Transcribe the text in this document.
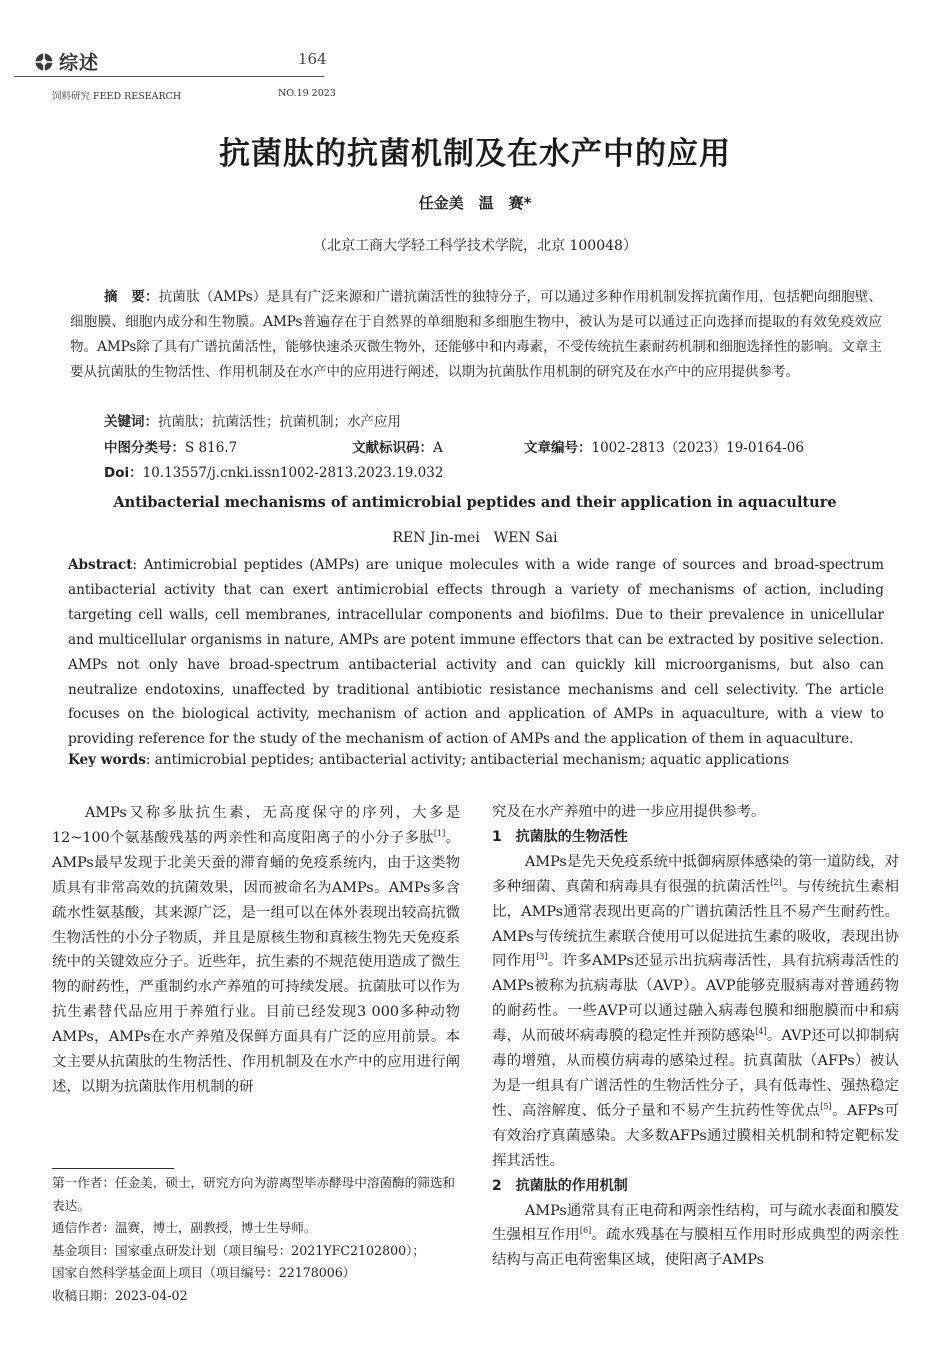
综述	164
饲料研究 FEED RESEARCH	NO.19 2023
抗菌肽的抗菌机制及在水产中的应用
任金美　温　赛*
（北京工商大学轻工科学技术学院，北京 100048）

摘　要：抗菌肽（AMPs）是具有广泛来源和广谱抗菌活性的独特分子，可以通过多种作用机制发挥抗菌作用，包括靶向细胞壁、细胞膜、细胞内成分和生物膜。AMPs普遍存在于自然界的单细胞和多细胞生物中，被认为是可以通过正向选择而提取的有效免疫效应物。AMPs除了具有广谱抗菌活性，能够快速杀灭微生物外，还能够中和内毒素，不受传统抗生素耐药机制和细胞选择性的影响。文章主要从抗菌肽的生物活性、作用机制及在水产中的应用进行阐述，以期为抗菌肽作用机制的研究及在水产中的应用提供参考。

关键词：抗菌肽；抗菌活性；抗菌机制；水产应用
中图分类号：S 816.7	文献标识码：A	文章编号：1002-2813（2023）19-0164-06
Doi：10.13557/j.cnki.issn1002-2813.2023.19.032
Antibacterial mechanisms of antimicrobial peptides and their application in aquaculture
REN Jin-mei　WEN Sai

Abstract: Antimicrobial peptides (AMPs) are unique molecules with a wide range of sources and broad-spectrum antibacterial activity that can exert antimicrobial effects through a variety of mechanisms of action, including targeting cell walls, cell membranes, intracellular components and biofilms. Due to their prevalence in unicellular and multicellular organisms in nature, AMPs are potent immune effectors that can be extracted by positive selection. AMPs not only have broad-spectrum antibacterial activity and can quickly kill microorganisms, but also can neutralize endotoxins, unaffected by traditional antibiotic resistance mechanisms and cell selectivity. The article focuses on the biological activity, mechanism of action and application of AMPs in aquaculture, with a view to providing reference for the study of the mechanism of action of AMPs and the application of them in aquaculture.

Key words: antimicrobial peptides; antibacterial activity; antibacterial mechanism; aquatic applications

AMPs又称多肽抗生素，无高度保守的序列，大多是12~100个氨基酸残基的两亲性和高度阳离子的小分子多肽[1]。AMPs最早发现于北美天蚕的滞育蛹的免疫系统内，由于这类物质具有非常高效的抗菌效果，因而被命名为AMPs。AMPs多含疏水性氨基酸，其来源广泛，是一组可以在体外表现出较高抗微生物活性的小分子物质，并且是原核生物和真核生物先天免疫系统中的关键效应分子。近些年，抗生素的不规范使用造成了微生物的耐药性，严重制约水产养殖的可持续发展。抗菌肽可以作为抗生素替代品应用于养殖行业。目前已经发现3 000多种动物AMPs，AMPs在水产养殖及保鲜方面具有广泛的应用前景。本文主要从抗菌肽的生物活性、作用机制及在水产中的应用进行阐述，以期为抗菌肽作用机制的研

第一作者：任金美，硕士，研究方向为游离型毕赤酵母中溶菌酶的筛选和表达。
通信作者：温赛，博士，副教授，博士生导师。
基金项目：国家重点研发计划（项目编号：2021YFC2102800）；
国家自然科学基金面上项目（项目编号：22178006）
收稿日期：2023-04-02

究及在水产养殖中的进一步应用提供参考。

1　抗菌肽的生物活性

AMPs是先天免疫系统中抵御病原体感染的第一道防线，对多种细菌、真菌和病毒具有很强的抗菌活性[2]。与传统抗生素相比，AMPs通常表现出更高的广谱抗菌活性且不易产生耐药性。AMPs与传统抗生素联合使用可以促进抗生素的吸收，表现出协同作用[3]。许多AMPs还显示出抗病毒活性，具有抗病毒活性的AMPs被称为抗病毒肽（AVP）。AVP能够克服病毒对普通药物的耐药性。一些AVP可以通过融入病毒包膜和细胞膜而中和病毒，从而破坏病毒膜的稳定性并预防感染[4]。AVP还可以抑制病毒的增殖，从而模仿病毒的感染过程。抗真菌肽（AFPs）被认为是一组具有广谱活性的生物活性分子，具有低毒性、强热稳定性、高溶解度、低分子量和不易产生抗药性等优点[5]。AFPs可有效治疗真菌感染。大多数AFPs通过膜相关机制和特定靶标发挥其活性。

2　抗菌肽的作用机制

AMPs通常具有正电荷和两亲性结构，可与疏水表面和膜发生强相互作用[6]。疏水残基在与膜相互作用时形成典型的两亲性结构与高正电荷密集区域，使阳离子AMPs
